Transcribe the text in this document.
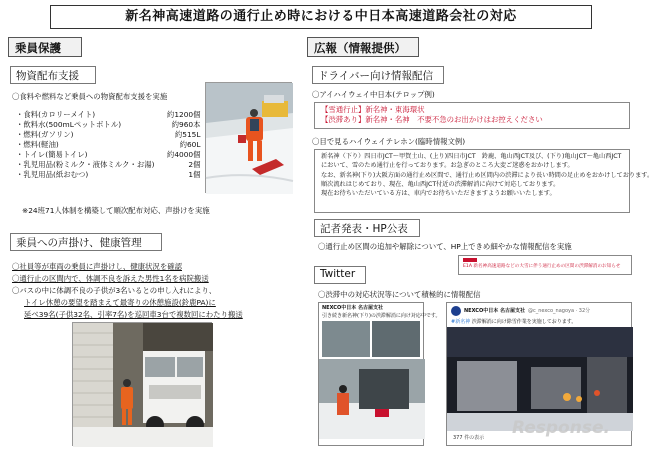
新名神高速道路の通行止め時における中日本高速道路会社の対応
乗員保護
物資配布支援
〇食料や燃料など乗員への物資配布支援を実施
・食料(カロリーメイト)	約1200個
・飲料水(500mLペットボトル)	約960本
・燃料(ガソリン)	約515L
・燃料(軽油)	約60L
・トイレ(簡易トイレ)	約4000個
・乳児用品(粉ミルク・液体ミルク・お湯)	2個
・乳児用品(紙おむつ)	1個
※24班71人体制を構築して順次配布対応、声掛けを実施
乗員への声掛け、健康管理
〇社員等が車両の乗員に声掛けし、健康状況を確認
〇通行止の区間内で、体調不良を訴えた男性1名を病院搬送
〇バスの中に体調不良の子供が3名いるとの申し入れにより、
トイレ休憩の要望を踏まえて最寄りの休憩施設(鈴鹿PA)に
延べ39名(子供32名、引率7名)を巡回車3台で複数回にわたり搬送
広報（情報提供）
ドライバー向け情報配信
〇アイハイウェイ中日本(テロップ例)
【雪通行止】新名神・東海環状
【渋滞あり】新名神・名神　不要不急のお出かけはお控えください
〇目で見るハイウェイテレホン(臨時情報文例)
新名神（下り）四日市JCT～甲賀土山、(上り)四日市JCT　鈴鹿、亀山西JCT及び、(下り)亀山JCT～亀山西JCT
において、雪のため通行止を行っております。お急ぎのところ大変ご迷惑をおかけします。
なお、新名神(下り)大阪方面の通行止め区間で、通行止め区間内の渋滞により長い時間の足止めをおかけしております。
順次流れはじめており、現在、亀山西JCT付近の渋滞解消に向けて対応しております。
現在お待ちいただいている方は、車内でお待ちいただきますようお願いいたします。
記者発表・HP公表
〇通行止め区間の追加や解除について、HP上できめ細やかな情報配信を実施
E1A 新名神高速道路などの大雪に伴う通行止めの区間の渋滞解消のお知らせ
Twitter
〇渋滞中の対応状況等について積極的に情報配信
NEXCO中日本 名古屋支社
引き続き新名神(下り)の渋滞解消に向け対応中です。
NEXCO中日本 名古屋支社 @c_nexco_nagoya · 32分
#新名神 渋滞解消に向け除雪作業を実施しております。
377 件の表示 Response.
